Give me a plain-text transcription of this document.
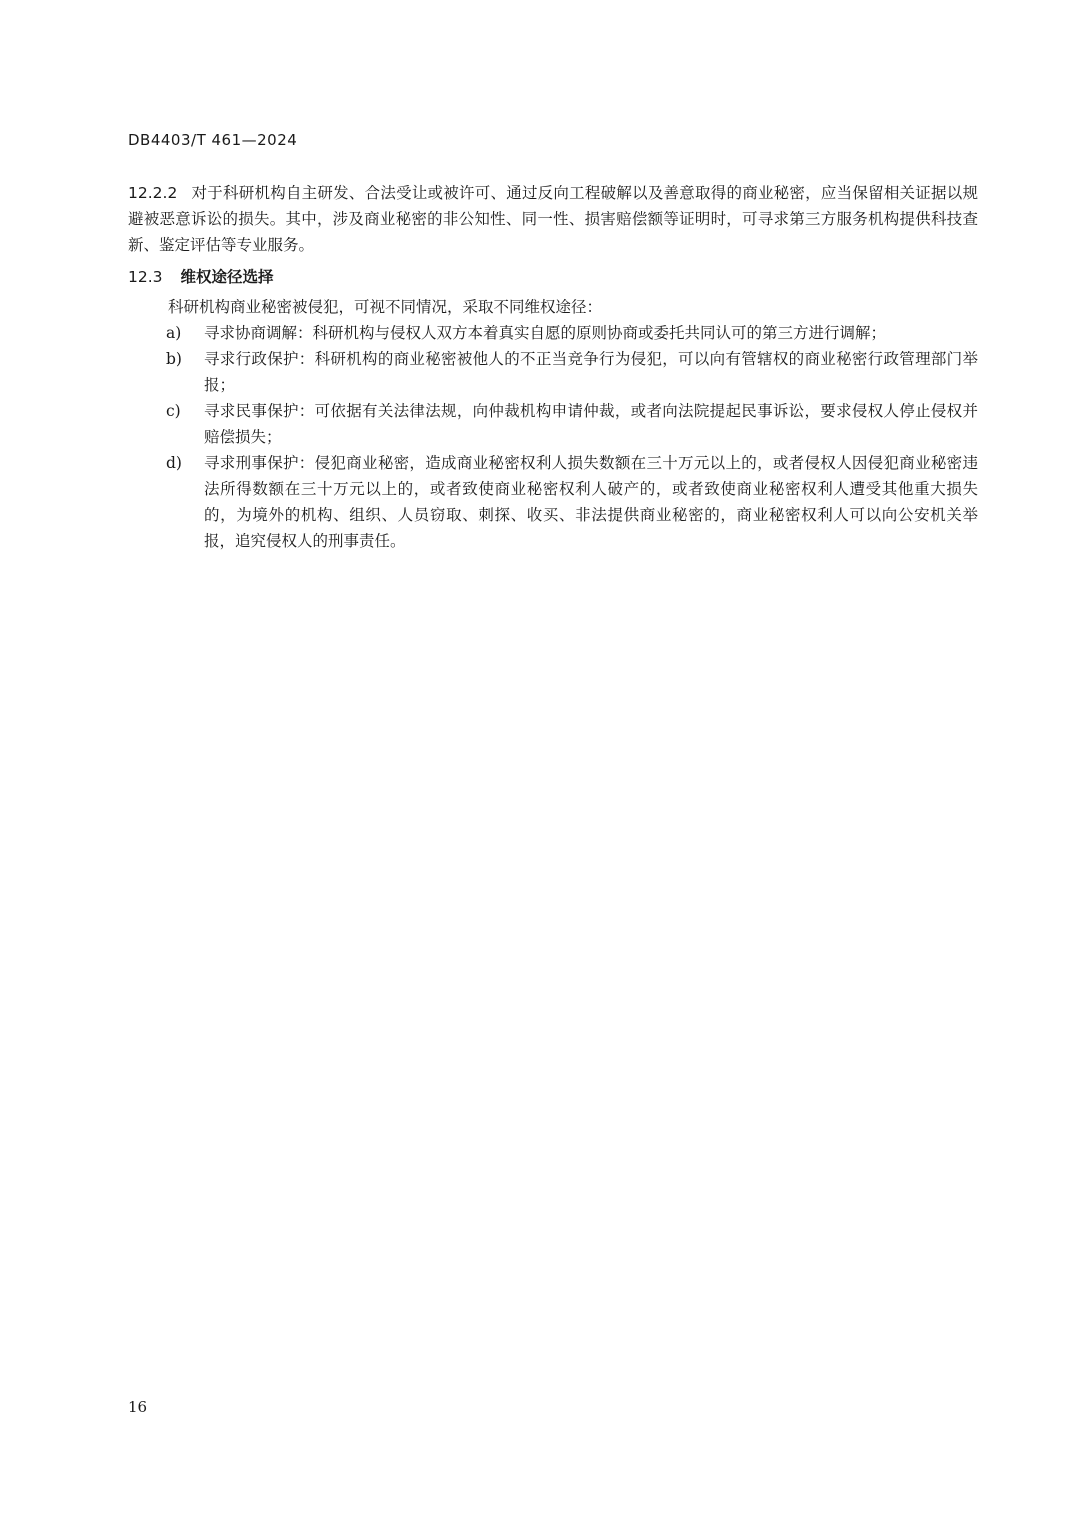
DB4403/T 461—2024

12.2.2 对于科研机构自主研发、合法受让或被许可、通过反向工程破解以及善意取得的商业秘密，应当保留相关证据以规避被恶意诉讼的损失。其中，涉及商业秘密的非公知性、同一性、损害赔偿额等证明时，可寻求第三方服务机构提供科技查新、鉴定评估等专业服务。

12.3 维权途径选择

科研机构商业秘密被侵犯，可视不同情况，采取不同维权途径：

a)	寻求协商调解：科研机构与侵权人双方本着真实自愿的原则协商或委托共同认可的第三方进行调解；
b)	寻求行政保护：科研机构的商业秘密被他人的不正当竞争行为侵犯，可以向有管辖权的商业秘密行政管理部门举报；
c)	寻求民事保护：可依据有关法律法规，向仲裁机构申请仲裁，或者向法院提起民事诉讼，要求侵权人停止侵权并赔偿损失；
d)	寻求刑事保护：侵犯商业秘密，造成商业秘密权利人损失数额在三十万元以上的，或者侵权人因侵犯商业秘密违法所得数额在三十万元以上的，或者致使商业秘密权利人破产的，或者致使商业秘密权利人遭受其他重大损失的，为境外的机构、组织、人员窃取、刺探、收买、非法提供商业秘密的，商业秘密权利人可以向公安机关举报，追究侵权人的刑事责任。
16
